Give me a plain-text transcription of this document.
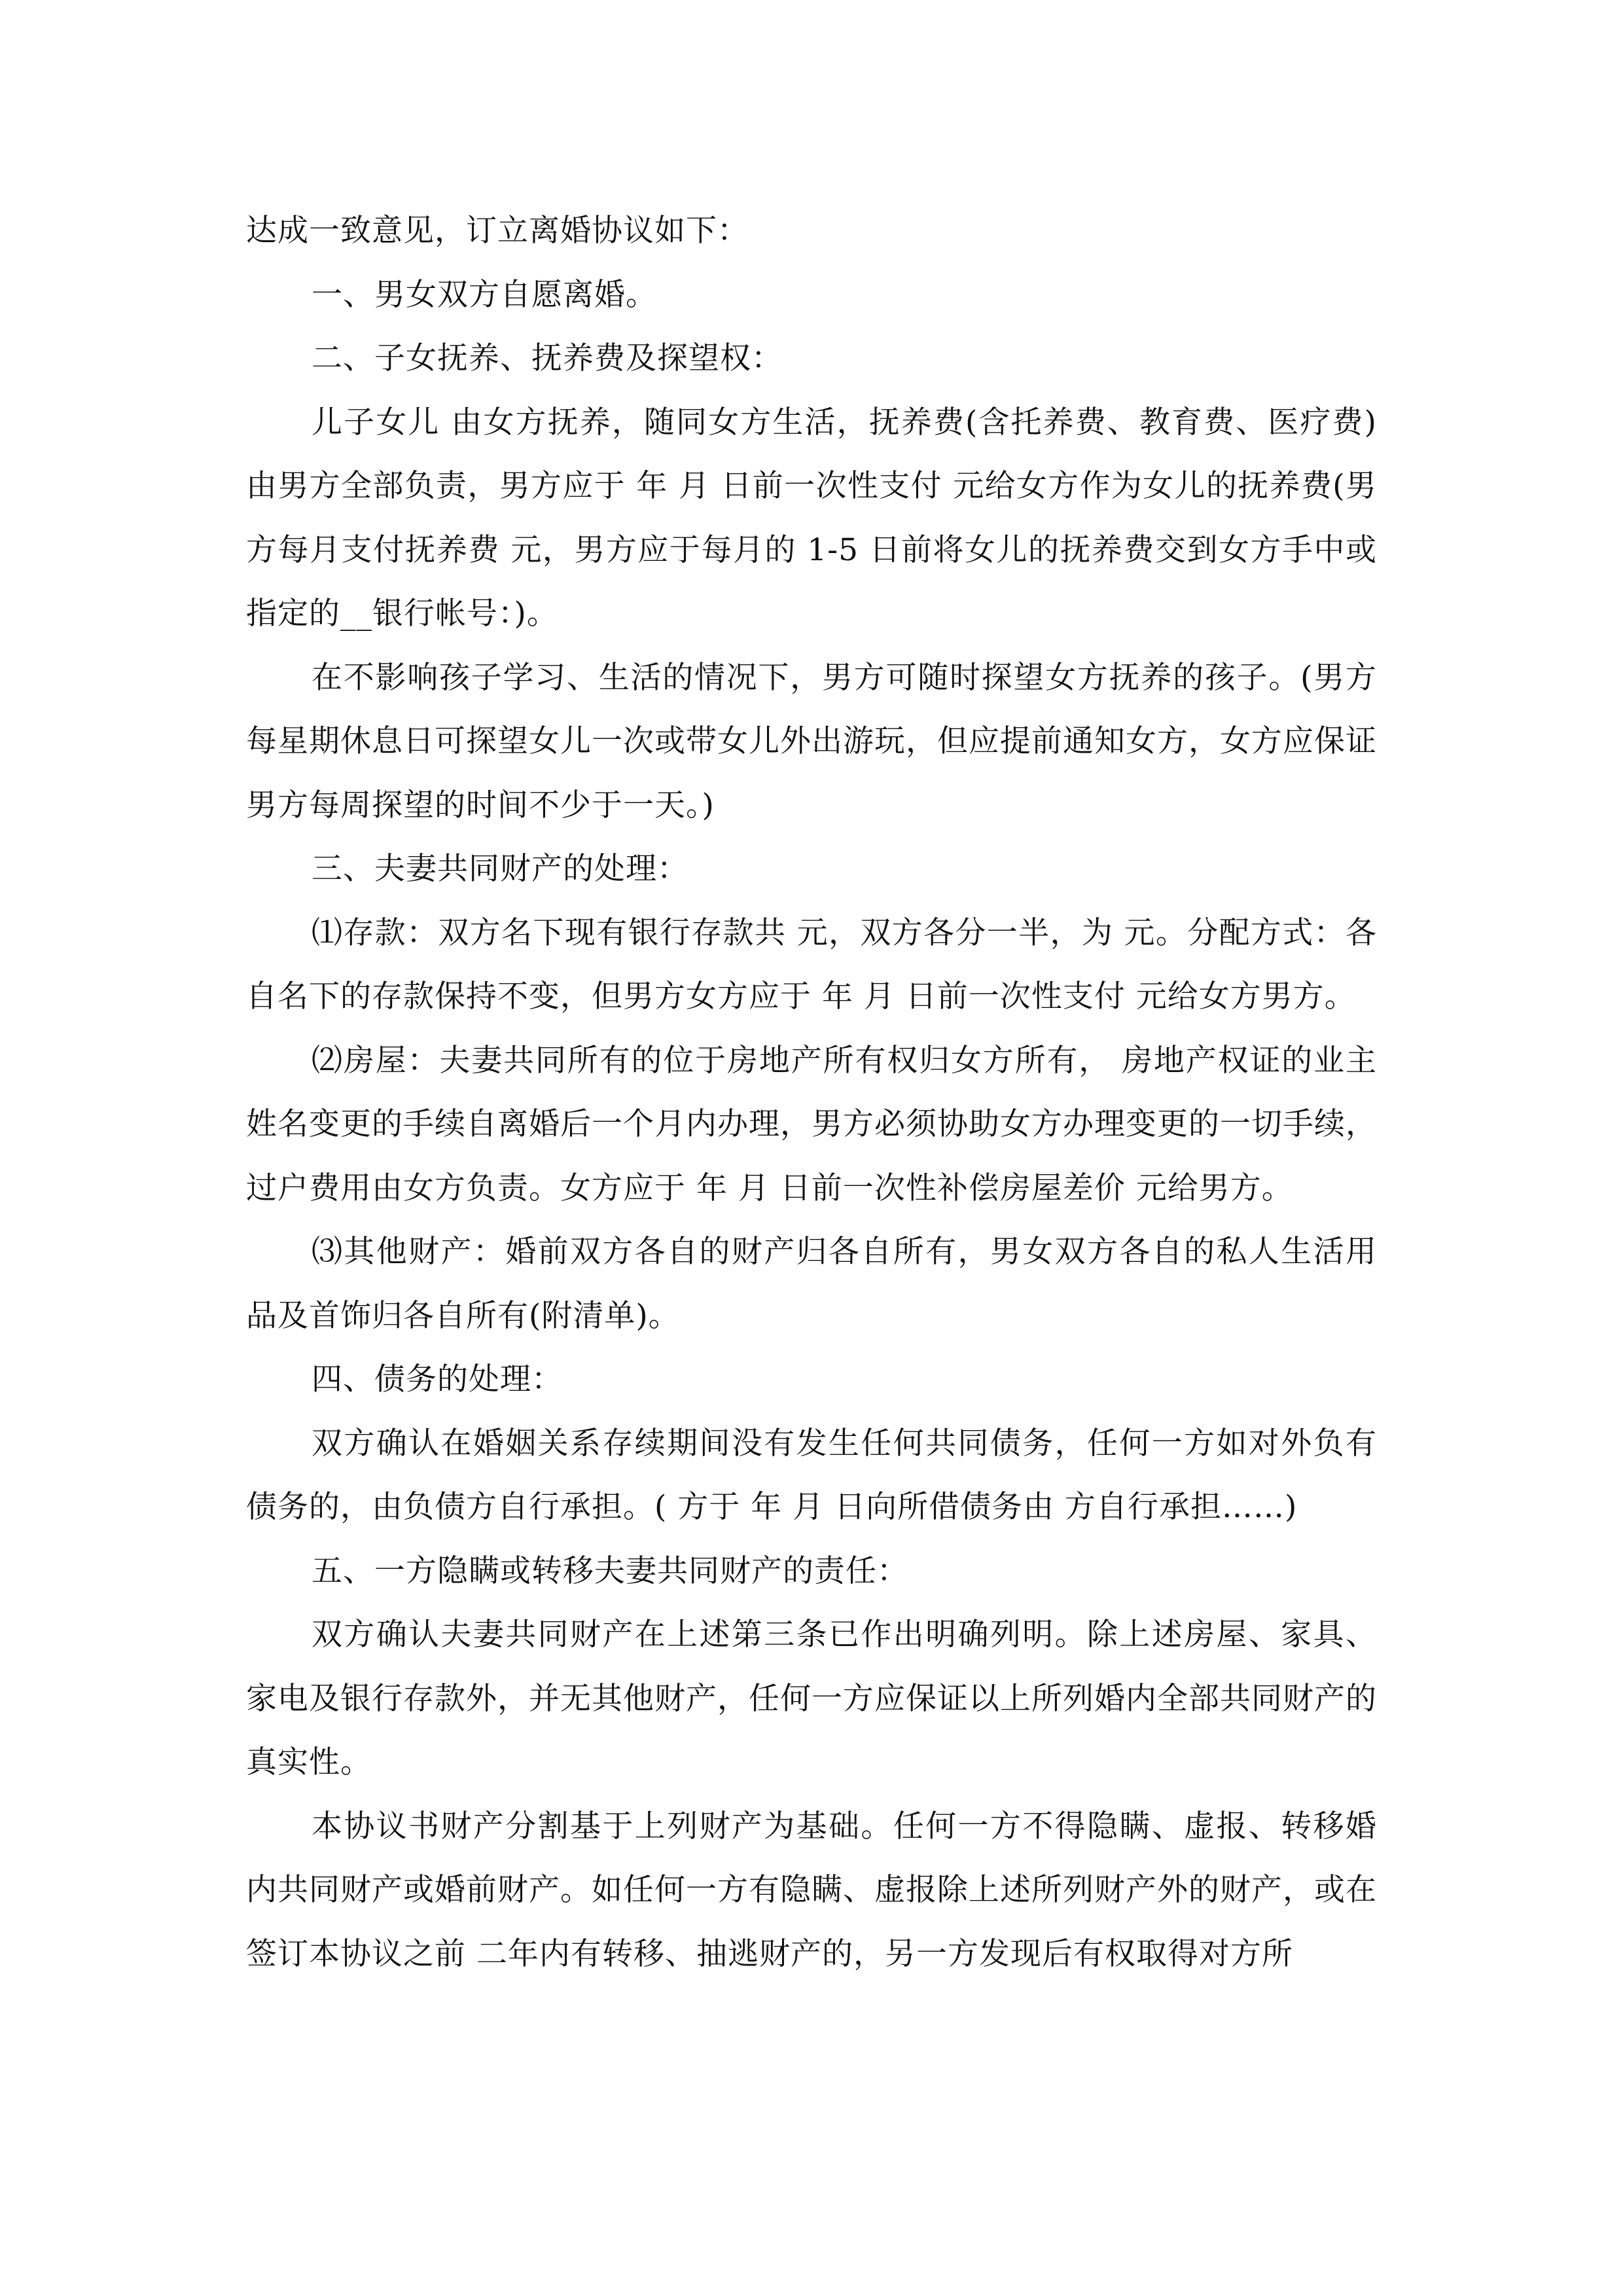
达成一致意见，订立离婚协议如下：

一、男女双方自愿离婚。

二、子女抚养、抚养费及探望权：

儿子女儿 由女方抚养，随同女方生活，抚养费(含托养费、教育费、医疗费)由男方全部负责，男方应于 年 月 日前一次性支付 元给女方作为女儿的抚养费(男方每月支付抚养费 元，男方应于每月的 1-5 日前将女儿的抚养费交到女方手中或指定的__银行帐号：)。

在不影响孩子学习、生活的情况下，男方可随时探望女方抚养的孩子。(男方每星期休息日可探望女儿一次或带女儿外出游玩，但应提前通知女方，女方应保证男方每周探望的时间不少于一天。)

三、夫妻共同财产的处理：

⑴存款：双方名下现有银行存款共 元，双方各分一半，为 元。分配方式：各自名下的存款保持不变，但男方女方应于 年 月 日前一次性支付 元给女方男方。

⑵房屋：夫妻共同所有的位于房地产所有权归女方所有， 房地产权证的业主姓名变更的手续自离婚后一个月内办理，男方必须协助女方办理变更的一切手续，过户费用由女方负责。女方应于 年 月 日前一次性补偿房屋差价 元给男方。

⑶其他财产：婚前双方各自的财产归各自所有，男女双方各自的私人生活用品及首饰归各自所有(附清单)。

四、债务的处理：

双方确认在婚姻关系存续期间没有发生任何共同债务，任何一方如对外负有债务的，由负债方自行承担。( 方于 年 月 日向所借债务由 方自行承担……)

五、一方隐瞒或转移夫妻共同财产的责任：

双方确认夫妻共同财产在上述第三条已作出明确列明。除上述房屋、家具、家电及银行存款外，并无其他财产，任何一方应保证以上所列婚内全部共同财产的真实性。

本协议书财产分割基于上列财产为基础。任何一方不得隐瞒、虚报、转移婚内共同财产或婚前财产。如任何一方有隐瞒、虚报除上述所列财产外的财产，或在签订本协议之前 二年内有转移、抽逃财产的，另一方发现后有权取得对方所
